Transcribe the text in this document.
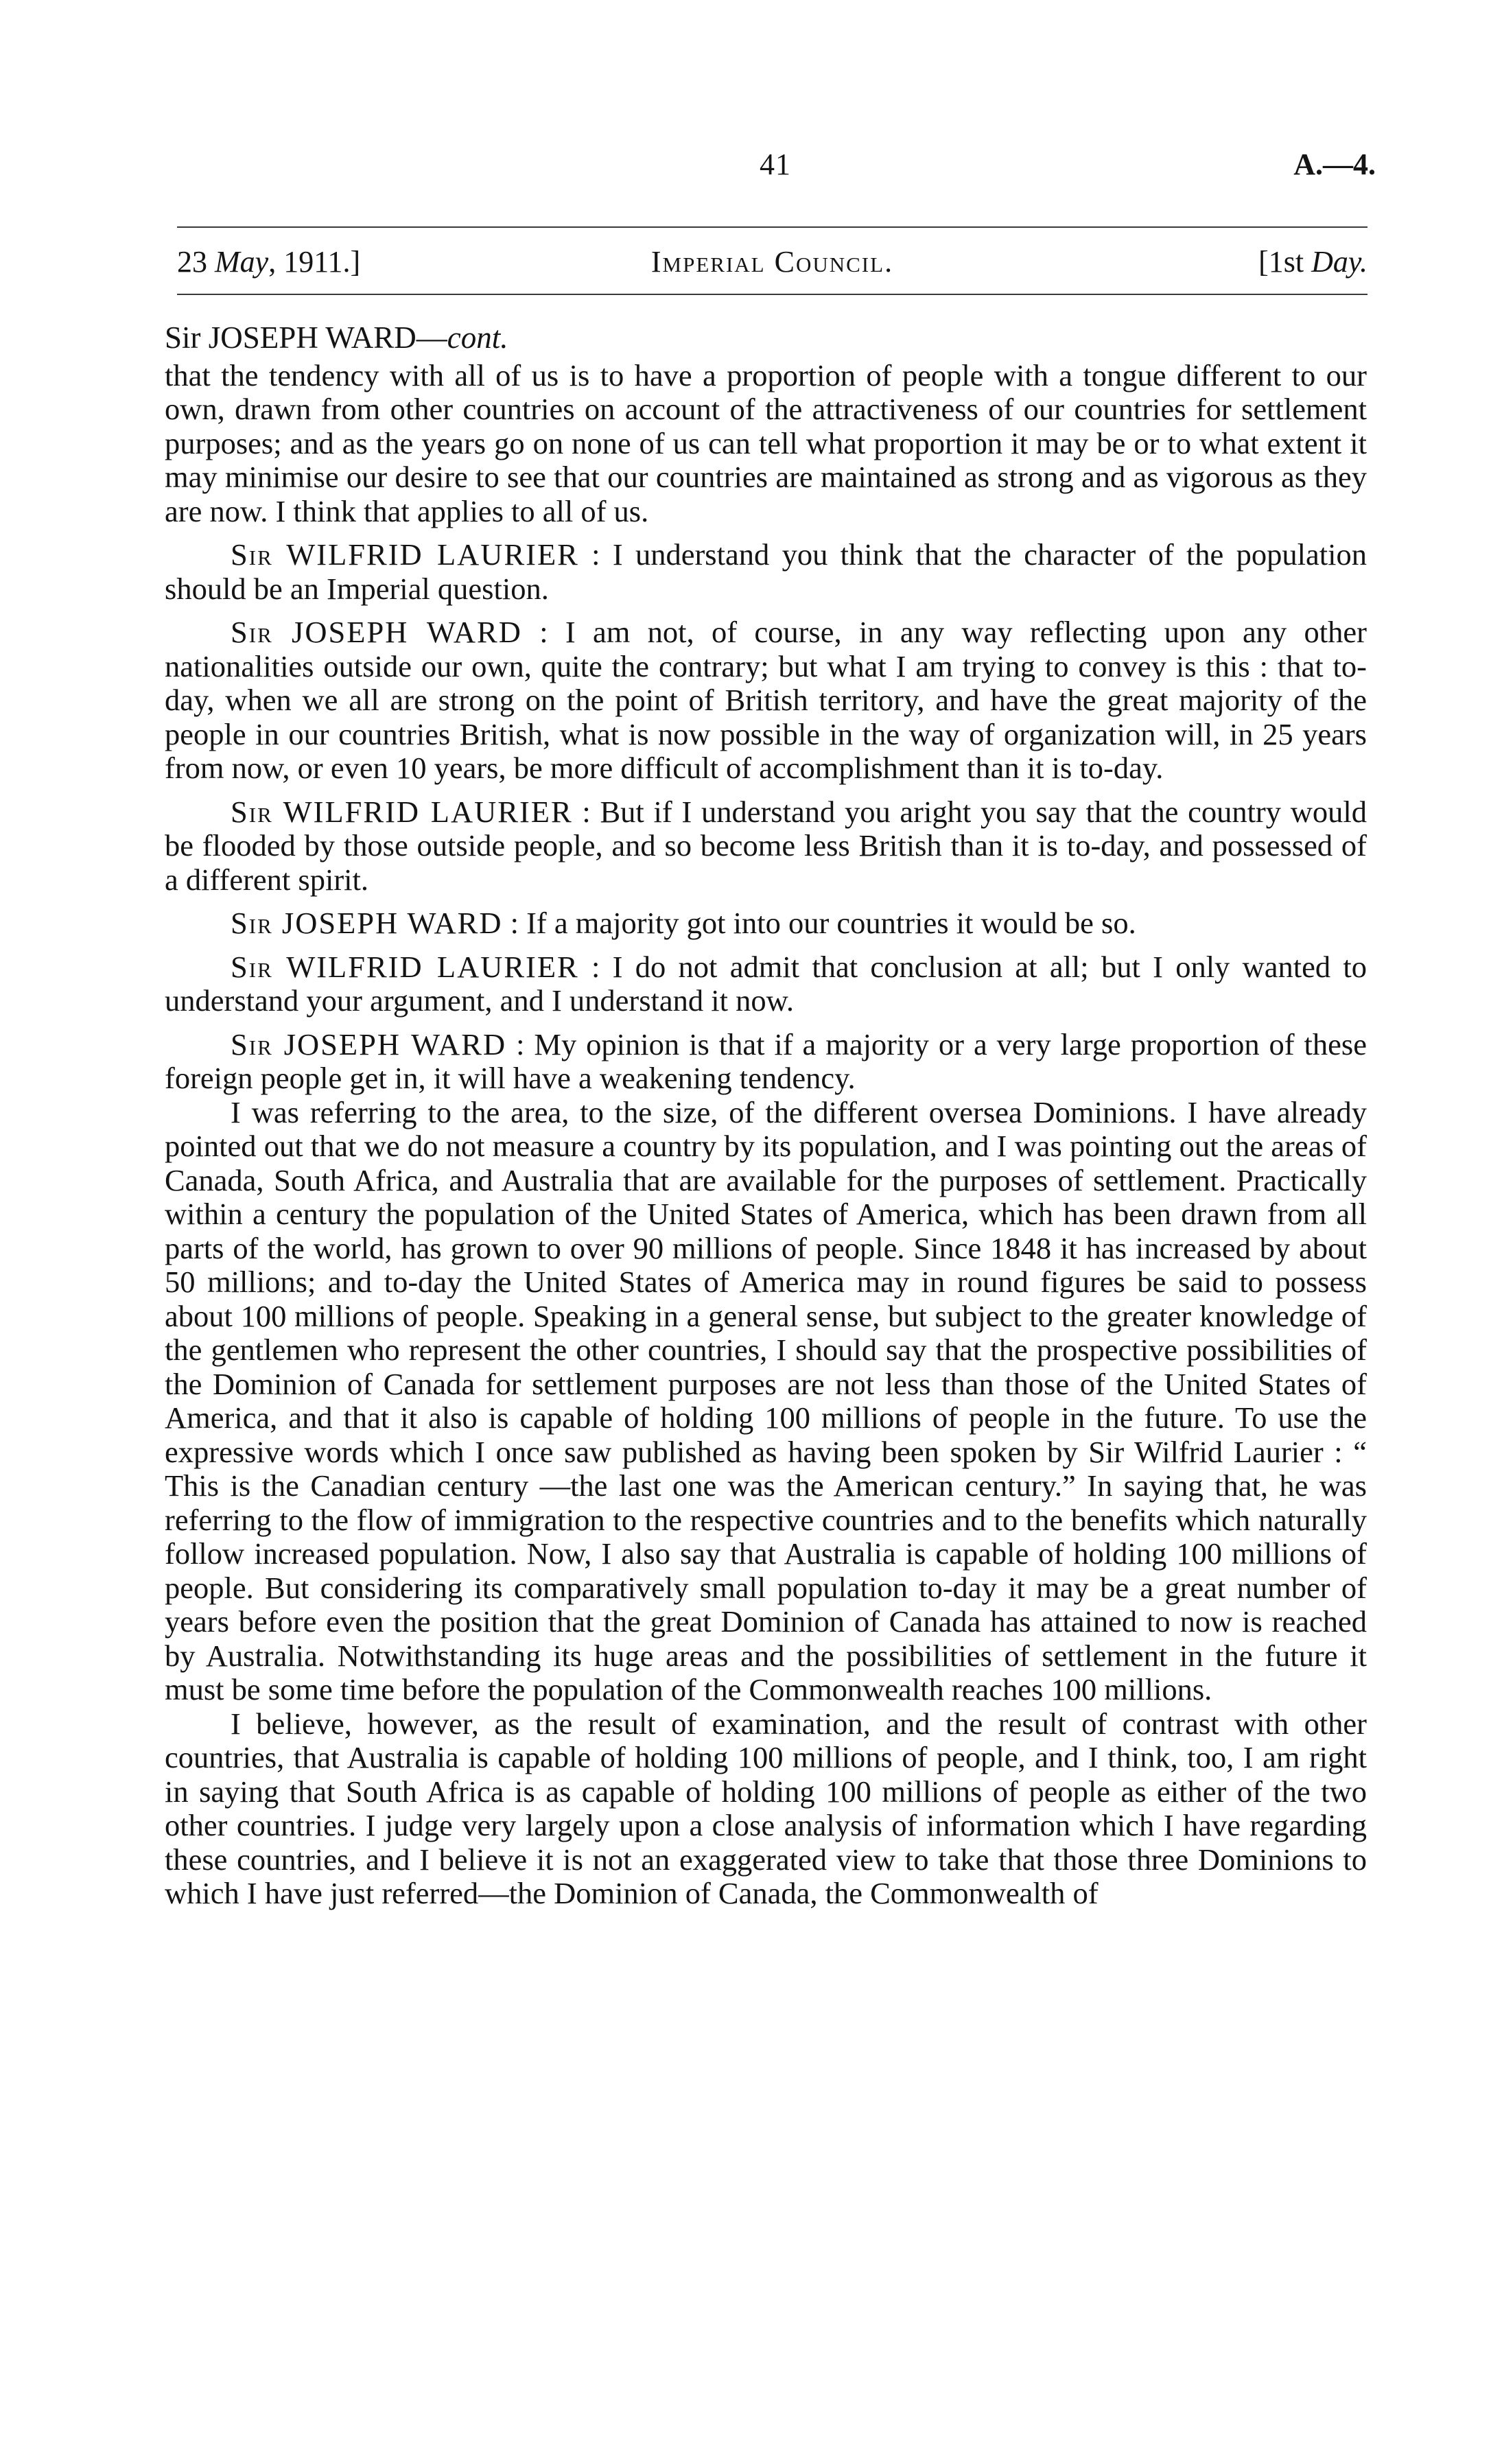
41	A.—4.
23 May, 1911.]	Imperial Council.	[1st Day.

Sir JOSEPH WARD—cont.

that the tendency with all of us is to have a proportion of people with a tongue different to our own, drawn from other countries on account of the attractiveness of our countries for settlement purposes; and as the years go on none of us can tell what proportion it may be or to what extent it may minimise our desire to see that our countries are maintained as strong and as vigorous as they are now. I think that applies to all of us.

Sir WILFRID LAURIER : I understand you think that the character of the population should be an Imperial question.

Sir JOSEPH WARD : I am not, of course, in any way reflecting upon any other nationalities outside our own, quite the contrary; but what I am trying to convey is this : that to-day, when we all are strong on the point of British territory, and have the great majority of the people in our countries British, what is now possible in the way of organization will, in 25 years from now, or even 10 years, be more difficult of accomplishment than it is to-day.

Sir WILFRID LAURIER : But if I understand you aright you say that the country would be flooded by those outside people, and so become less British than it is to-day, and possessed of a different spirit.

Sir JOSEPH WARD : If a majority got into our countries it would be so.

Sir WILFRID LAURIER : I do not admit that conclusion at all; but I only wanted to understand your argument, and I understand it now.

Sir JOSEPH WARD : My opinion is that if a majority or a very large proportion of these foreign people get in, it will have a weakening tendency.

I was referring to the area, to the size, of the different oversea Dominions. I have already pointed out that we do not measure a country by its population, and I was pointing out the areas of Canada, South Africa, and Australia that are available for the purposes of settlement. Practically within a century the population of the United States of America, which has been drawn from all parts of the world, has grown to over 90 millions of people. Since 1848 it has increased by about 50 millions; and to-day the United States of America may in round figures be said to possess about 100 millions of people. Speaking in a general sense, but subject to the greater knowledge of the gentlemen who represent the other countries, I should say that the prospective possibilities of the Dominion of Canada for settlement purposes are not less than those of the United States of America, and that it also is capable of holding 100 millions of people in the future. To use the expressive words which I once saw published as having been spoken by Sir Wilfrid Laurier : “ This is the Canadian century —the last one was the American century.” In saying that, he was referring to the flow of immigration to the respective countries and to the benefits which naturally follow increased population. Now, I also say that Australia is capable of holding 100 millions of people. But considering its comparatively small population to-day it may be a great number of years before even the position that the great Dominion of Canada has attained to now is reached by Australia. Notwithstanding its huge areas and the possibilities of settlement in the future it must be some time before the population of the Commonwealth reaches 100 millions.

I believe, however, as the result of examination, and the result of contrast with other countries, that Australia is capable of holding 100 millions of people, and I think, too, I am right in saying that South Africa is as capable of holding 100 millions of people as either of the two other countries. I judge very largely upon a close analysis of information which I have regarding these countries, and I believe it is not an exaggerated view to take that those three Dominions to which I have just referred—the Dominion of Canada, the Commonwealth of
